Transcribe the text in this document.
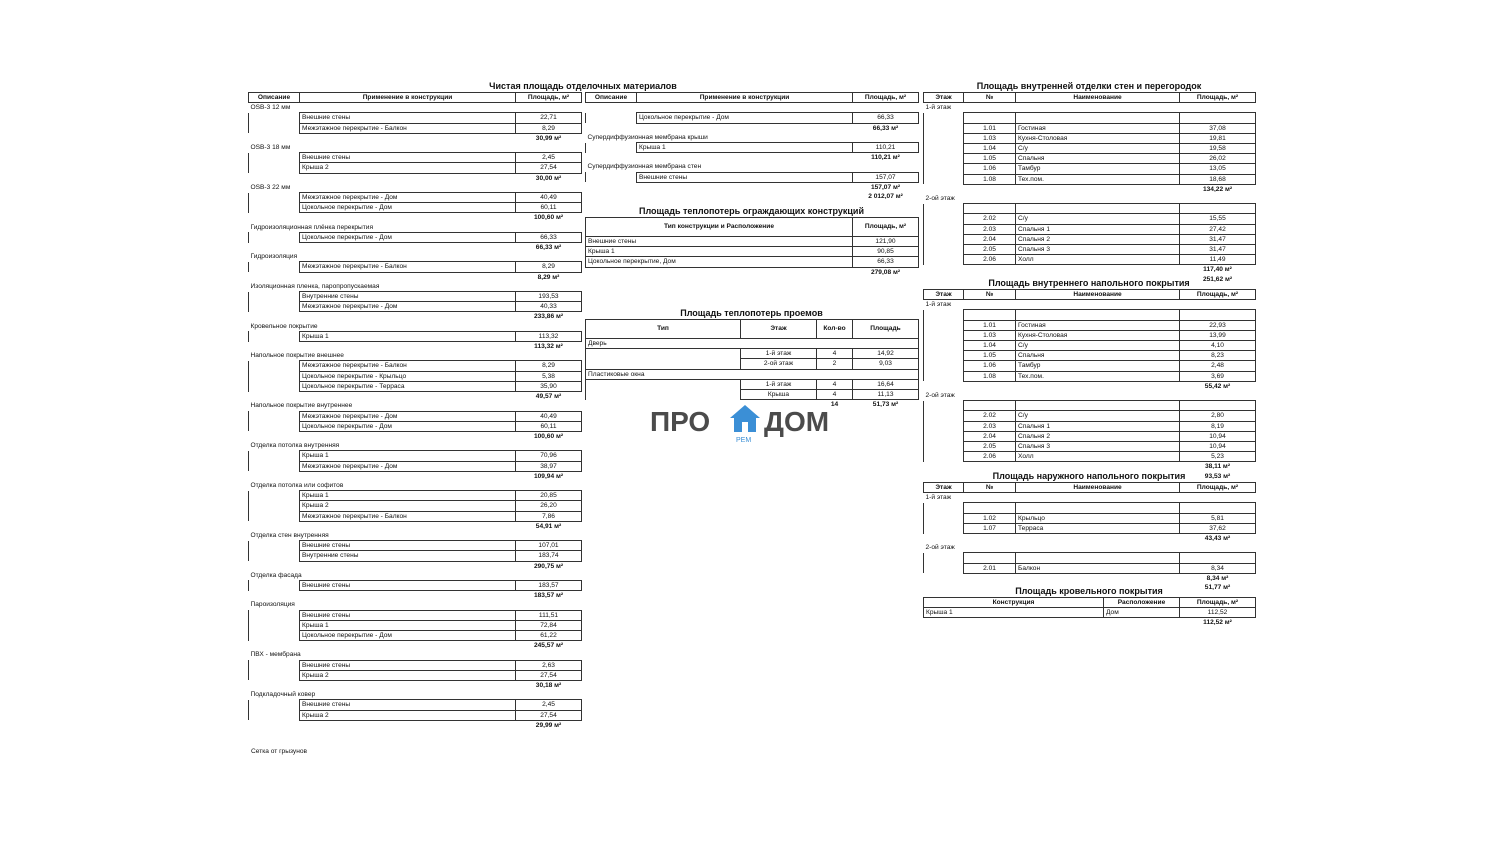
Чистая площадь отделочных материалов
Площадь теплопотерь ограждающих конструкций
Площадь теплопотерь проемов
Площадь внутренней отделки стен и перегородок
Площадь внутреннего напольного покрытия
Площадь наружного напольного покрытия
Площадь кровельного покрытия
Описание	Применение в конструкции	Площадь, м²
OSB-3 12 мм		
	Внешние стены	22,71
	Межэтажное перекрытие - Балкон	8,29
		30,99 м²
OSB-3 18 мм		
	Внешние стены	2,45
	Крыша 2	27,54
		30,00 м²
OSB-3 22 мм		
	Межэтажное перекрытие - Дом	40,49
	Цокольное перекрытие - Дом	60,11
		100,60 м²
Гидроизоляционная плёнка перекрытия		
	Цокольное перекрытие - Дом	66,33
		66,33 м²
Гидроизоляция		
	Межэтажное перекрытие - Балкон	8,29
		8,29 м²
Изоляционная пленка, паропропускаемая		
	Внутренние стены	193,53
	Межэтажное перекрытие - Дом	40,33
		233,86 м²
Кровельное покрытие		
	Крыша 1	113,32
		113,32 м²
Напольное покрытие внешнее		
	Межэтажное перекрытие - Балкон	8,29
	Цокольное перекрытие - Крыльцо	5,38
	Цокольное перекрытие - Терраса	35,90
		49,57 м²
Напольное покрытие внутреннее		
	Межэтажное перекрытие - Дом	40,49
	Цокольное перекрытие - Дом	60,11
		100,60 м²
Отделка потолка внутренняя		
	Крыша 1	70,96
	Межэтажное перекрытие - Дом	38,97
		109,94 м²
Отделка потолка или софитов		
	Крыша 1	20,85
	Крыша 2	26,20
	Межэтажное перекрытие - Балкон	7,86
		54,91 м²
Отделка стен внутренняя		
	Внешние стены	107,01
	Внутренние стены	183,74
		290,75 м²
Отделка фасада		
	Внешние стены	183,57
		183,57 м²
Пароизоляция		
	Внешние стены	111,51
	Крыша 1	72,84
	Цокольное перекрытие - Дом	61,22
		245,57 м²
ПВХ - мембрана		
	Внешние стены	2,63
	Крыша 2	27,54
		30,18 м²
Подкладочный ковер		
	Внешние стены	2,45
	Крыша 2	27,54
		29,99 м²
Сетка от грызунов
Описание	Применение в конструкции	Площадь, м²

	Цокольное перекрытие - Дом	66,33
		66,33 м²
Супердиффузионная мембрана крыши		
	Крыша 1	110,21
		110,21 м²
Супердиффузионная мембрана стен		
	Внешние стены	157,07
		157,07 м²
		2 012,07 м²
Тип конструкции и Расположение	Площадь, м²
Внешние стены	121,90
Крыша 1	90,85
Цокольное перекрытие, Дом	66,33
	279,08 м²
Тип	Этаж	Кол-во	Площадь
Дверь			
	1-й этаж	4	14,92
	2-ой этаж	2	9,03
Пластиковые окна			
	1-й этаж	4	16,64
	Крыша	4	11,13
		14	51,73 м²
Этаж	№	Наименование	Площадь, м²
1-й этаж			

	1.01	Гостиная	37,08
	1.03	Кухня-Столовая	19,81
	1.04	С/у	19,58
	1.05	Спальня	26,02
	1.06	Тамбур	13,05
	1.08	Тех.пом.	18,68
			134,22 м²
2-ой этаж			

	2.02	С/у	15,55
	2.03	Спальня 1	27,42
	2.04	Спальня 2	31,47
	2.05	Спальня 3	31,47
	2.06	Холл	11,49
			117,40 м²
			251,62 м²
Этаж	№	Наименование	Площадь, м²
1-й этаж			

	1.01	Гостиная	22,93
	1.03	Кухня-Столовая	13,99
	1.04	С/у	4,10
	1.05	Спальня	8,23
	1.06	Тамбур	2,48
	1.08	Тех.пом.	3,69
			55,42 м²
2-ой этаж			

	2.02	С/у	2,80
	2.03	Спальня 1	8,19
	2.04	Спальня 2	10,94
	2.05	Спальня 3	10,94
	2.06	Холл	5,23
			38,11 м²
			93,53 м²
Этаж	№	Наименование	Площадь, м²
1-й этаж			

	1.02	Крыльцо	5,81
	1.07	Терраса	37,62
			43,43 м²
2-ой этаж			

	2.01	Балкон	8,34
			8,34 м²
			51,77 м²
Конструкция	Расположение	Площадь, м²
Крыша 1	Дом	112,52
		112,52 м²
ПРО
РЕМ
ДОМ
